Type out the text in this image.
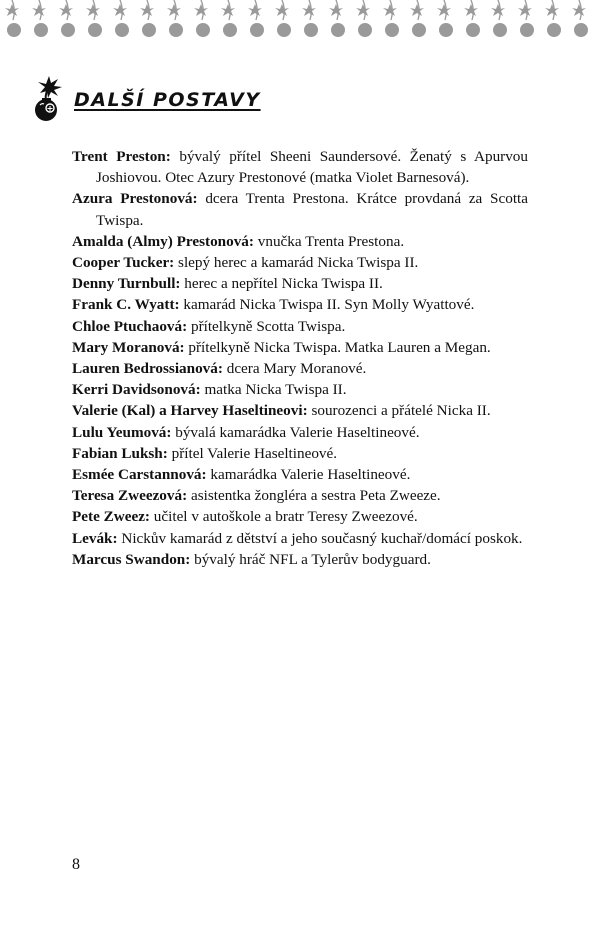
DALŠÍ POSTAVY
Trent Preston: bývalý přítel Sheeni Saundersové. Ženatý s Apurvou Joshiovou. Otec Azury Prestonové (matka Violet Barnesová).
Azura Prestonová: dcera Trenta Prestona. Krátce provdaná za Scotta Twispa.
Amalda (Almy) Prestonová: vnučka Trenta Prestona.
Cooper Tucker: slepý herec a kamarád Nicka Twispa II.
Denny Turnbull: herec a nepřítel Nicka Twispa II.
Frank C. Wyatt: kamarád Nicka Twispa II. Syn Molly Wyattové.
Chloe Ptuchaová: přítelkyně Scotta Twispa.
Mary Moranová: přítelkyně Nicka Twispa. Matka Lauren a Megan.
Lauren Bedrossianová: dcera Mary Moranové.
Kerri Davidsonová: matka Nicka Twispa II.
Valerie (Kal) a Harvey Haseltineovi: sourozenci a přátelé Nicka II.
Lulu Yeumová: bývalá kamarádka Valerie Haseltineové.
Fabian Luksh: přítel Valerie Haseltineové.
Esmée Carstannová: kamarádka Valerie Haseltineové.
Teresa Zweezová: asistentka žongléra a sestra Peta Zweeze.
Pete Zweez: učitel v autoškole a bratr Teresy Zweezové.
Levák: Nickův kamarád z dětství a jeho současný kuchař/domácí poskok.
Marcus Swandon: bývalý hráč NFL a Tylerův bodyguard.
8
